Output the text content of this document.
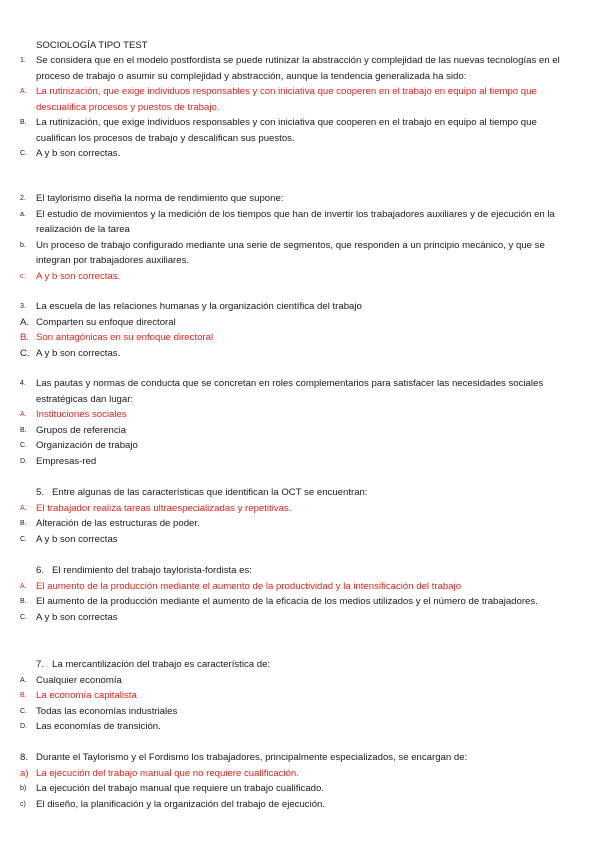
SOCIOLOGÍA TIPO TEST
1.	Se considera que en el modelo postfordista se puede rutinizar la abstracción y complejidad de las nuevas tecnologías en el proceso de trabajo o asumir su complejidad y abstracción, aunque la tendencia generalizada ha sido:
A. La rutinización, que exige individuos responsables y con iniciativa que cooperen en el trabajo en equipo al tiempo que descualifica procesos y puestos de trabajo.
B. La rutinización, que exige individuos responsables y con iniciativa que cooperen en el trabajo en equipo al tiempo que cualifican los procesos de trabajo y descalifican sus puestos.
C. A y b son correctas.
2.	El taylorismo diseña la norma de rendimiento que supone:
a.	El estudio de movimientos y la medición de los tiempos que han de invertir los trabajadores auxiliares y de ejecución en la realización de la tarea
b.	Un proceso de trabajo configurado mediante una serie de segmentos, que responden a un principio mecánico, y que se integran por trabajadores auxiliares.
c.	A y b son correctas.
3.	La escuela de las relaciones humanas y la organización científica del trabajo
A. Comparten su enfoque directoral
B. Son antagónicas en su enfoque directoral
C. A y b son correctas.
4.	Las pautas y normas de conducta que se concretan en roles complementarios para satisfacer las necesidades sociales estratégicas dan lugar:
A. Instituciones sociales
B. Grupos de referencia
C. Organización de trabajo
D. Empresas-red
5. Entre algunas de las características que identifican la OCT se encuentran:
A. El trabajador realiza tareas ultraespecializadas y repetitivas.
B. Alteración de las estructuras de poder.
C. A y b son correctas
6. El rendimiento del trabajo taylorista-fordista es:
A. El aumento de la producción mediante el aumento de la productividad y la intensificación del trabajo
B. El aumento de la producción mediante el aumento de la eficacia de los medios utilizados y el número de trabajadores.
C. A y b son correctas
7. La mercantilización del trabajo es característica de:
A. Cualquier economía
B. La economía capitalista
C. Todas las economías industriales
D. Las economías de transición.
8. Durante el Taylorismo y el Fordismo los trabajadores, principalmente especializados, se encargan de:
a) La ejecución del trabajo manual que no requiere cualificación.
b)	La ejecución del trabajo manual que requiere un trabajo cualificado.
c)	El diseño, la planificación y la organización del trabajo de ejecución.
